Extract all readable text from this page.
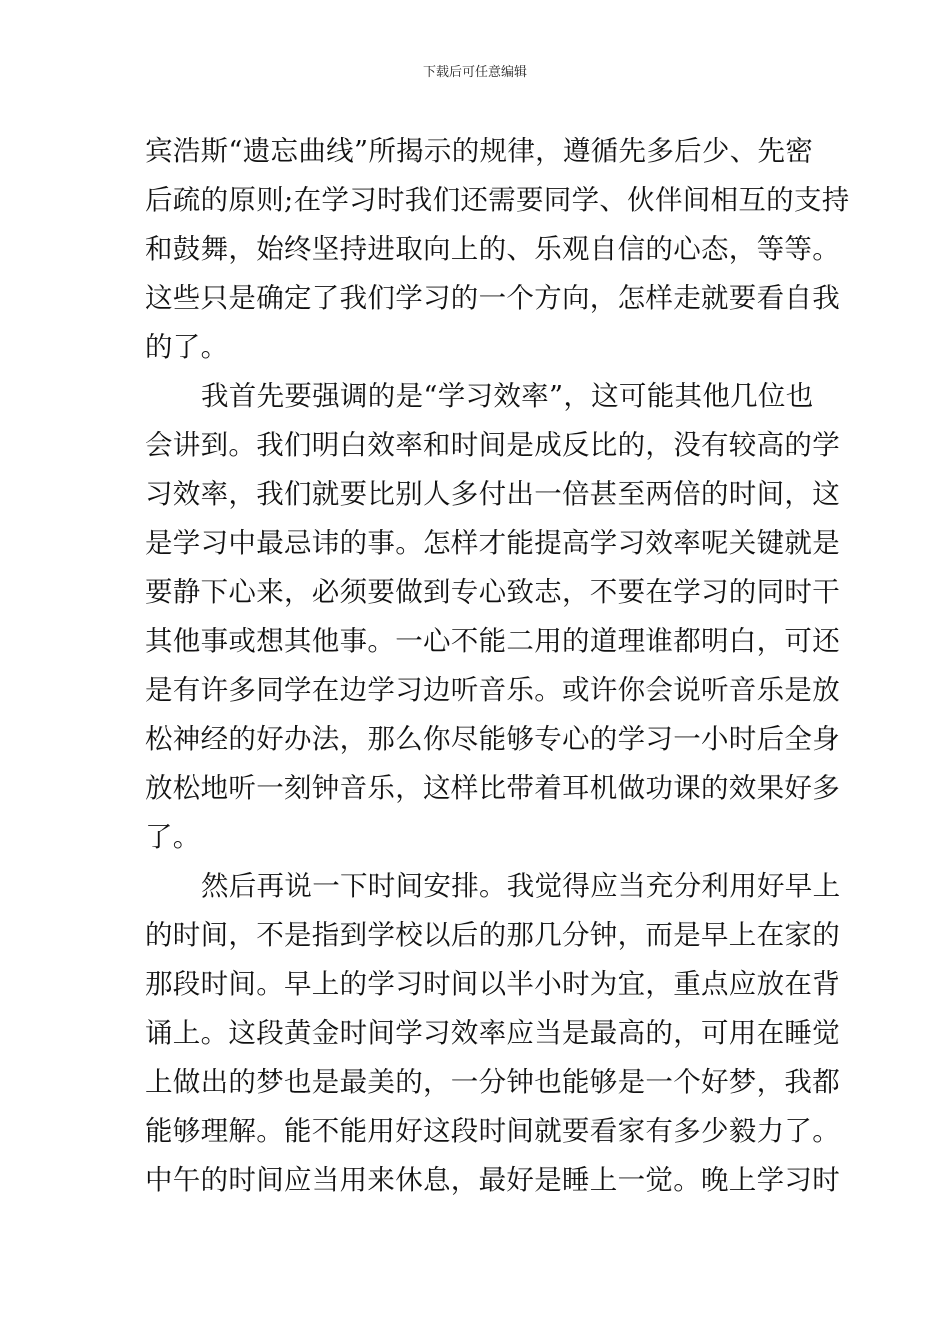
下载后可任意编辑
宾浩斯“遗忘曲线”所揭示的规律，遵循先多后少、先密
后疏的原则;在学习时我们还需要同学、伙伴间相互的支持
和鼓舞，始终坚持进取向上的、乐观自信的心态，等等。
这些只是确定了我们学习的一个方向，怎样走就要看自我
的了。
我首先要强调的是“学习效率”，这可能其他几位也
会讲到。我们明白效率和时间是成反比的，没有较高的学
习效率，我们就要比别人多付出一倍甚至两倍的时间，这
是学习中最忌讳的事。怎样才能提高学习效率呢关键就是
要静下心来，必须要做到专心致志，不要在学习的同时干
其他事或想其他事。一心不能二用的道理谁都明白，可还
是有许多同学在边学习边听音乐。或许你会说听音乐是放
松神经的好办法，那么你尽能够专心的学习一小时后全身
放松地听一刻钟音乐，这样比带着耳机做功课的效果好多
了。
然后再说一下时间安排。我觉得应当充分利用好早上
的时间，不是指到学校以后的那几分钟，而是早上在家的
那段时间。早上的学习时间以半小时为宜，重点应放在背
诵上。这段黄金时间学习效率应当是最高的，可用在睡觉
上做出的梦也是最美的，一分钟也能够是一个好梦，我都
能够理解。能不能用好这段时间就要看家有多少毅力了。
中午的时间应当用来休息，最好是睡上一觉。晚上学习时
